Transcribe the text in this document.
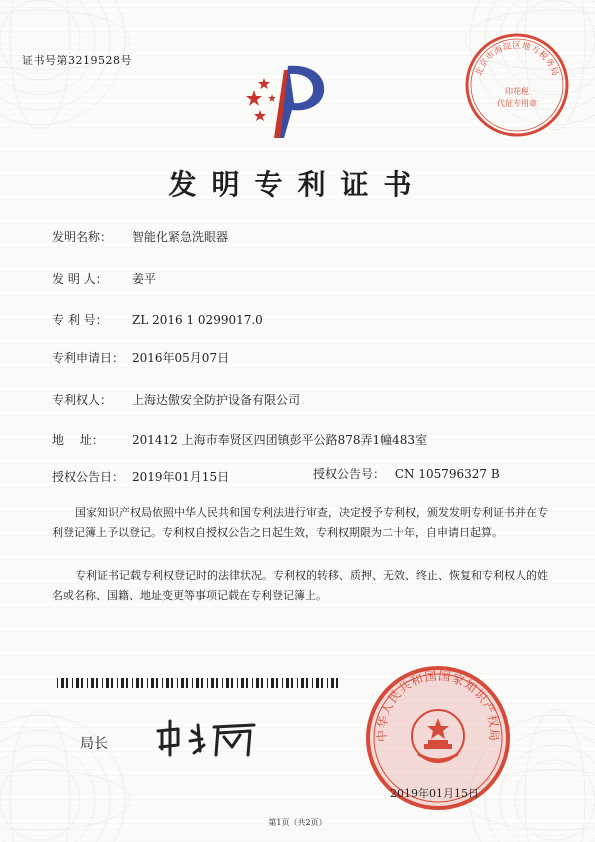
证书号第3219528号
北京市海淀区地方税务局
印花税
代征专用章
发明专利证书
发明名称： 智能化紧急洗眼器
发 明 人： 姜平
专 利 号： ZL 2016 1 0299017.0
专利申请日： 2016年05月07日
专利权人： 上海达傲安全防护设备有限公司
地　 址： 201412 上海市奉贤区四团镇彭平公路878弄1幢483室
授权公告日： 2019年01月15日	授权公告号： CN 105796327 B

国家知识产权局依照中华人民共和国专利法进行审查，决定授予专利权，颁发发明专利证书并在专利登记簿上予以登记。专利权自授权公告之日起生效，专利权期限为二十年，自申请日起算。

专利证书记载专利权登记时的法律状况。专利权的转移、质押、无效、终止、恢复和专利权人的姓名或名称、国籍、地址变更等事项记载在专利登记簿上。

局长
中华人民共和国国家知识产权局
2019年01月15日
第1页（共2页）
